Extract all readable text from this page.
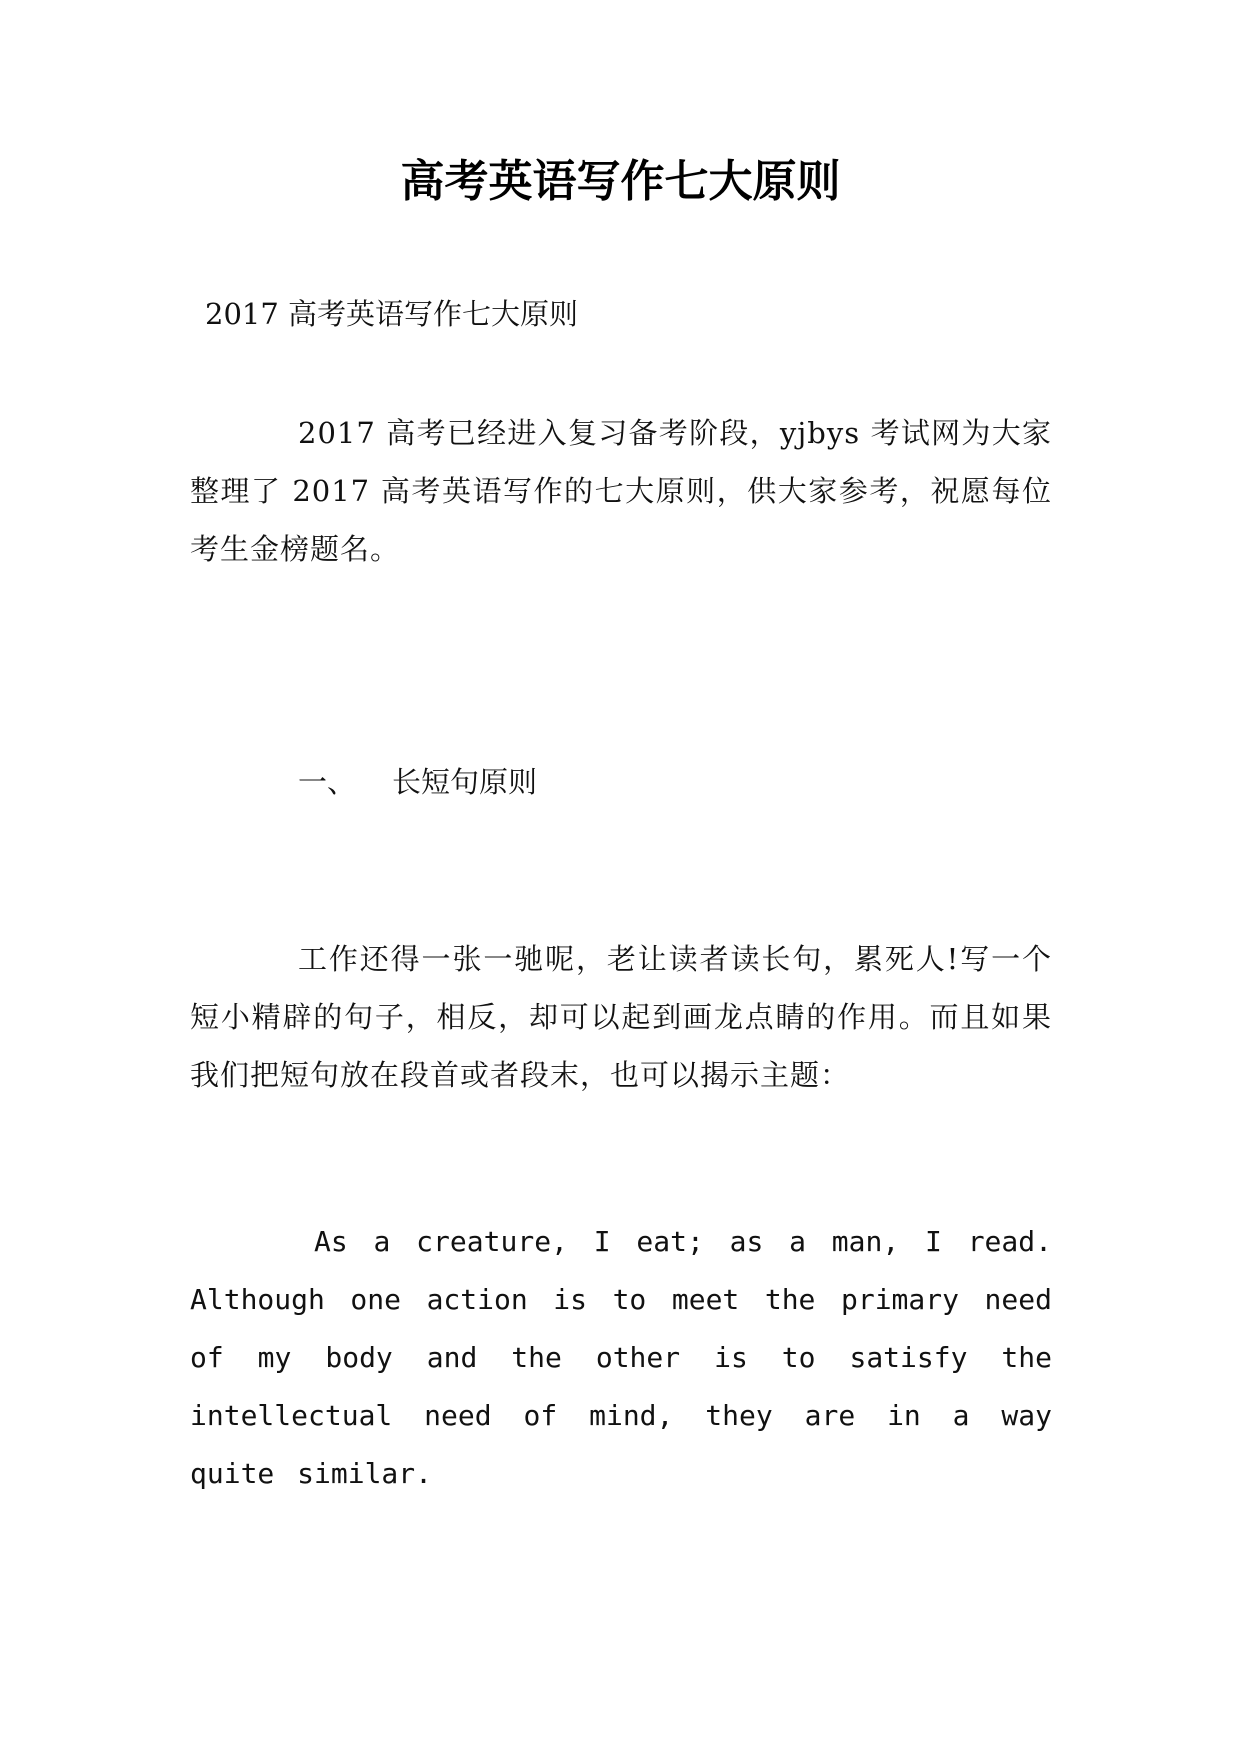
高考英语写作七大原则
2017 高考英语写作七大原则

2017 高考已经进入复习备考阶段，yjbys 考试网为大家整理了 2017 高考英语写作的七大原则，供大家参考，祝愿每位考生金榜题名。

一、 长短句原则

工作还得一张一驰呢，老让读者读长句，累死人!写一个短小精辟的句子，相反，却可以起到画龙点睛的作用。而且如果我们把短句放在段首或者段末，也可以揭示主题：

As a creature, I eat; as a man, I read. Although one action is to meet the primary need of my body and the other is to satisfy the intellectual need of mind, they are in a way quite similar.
